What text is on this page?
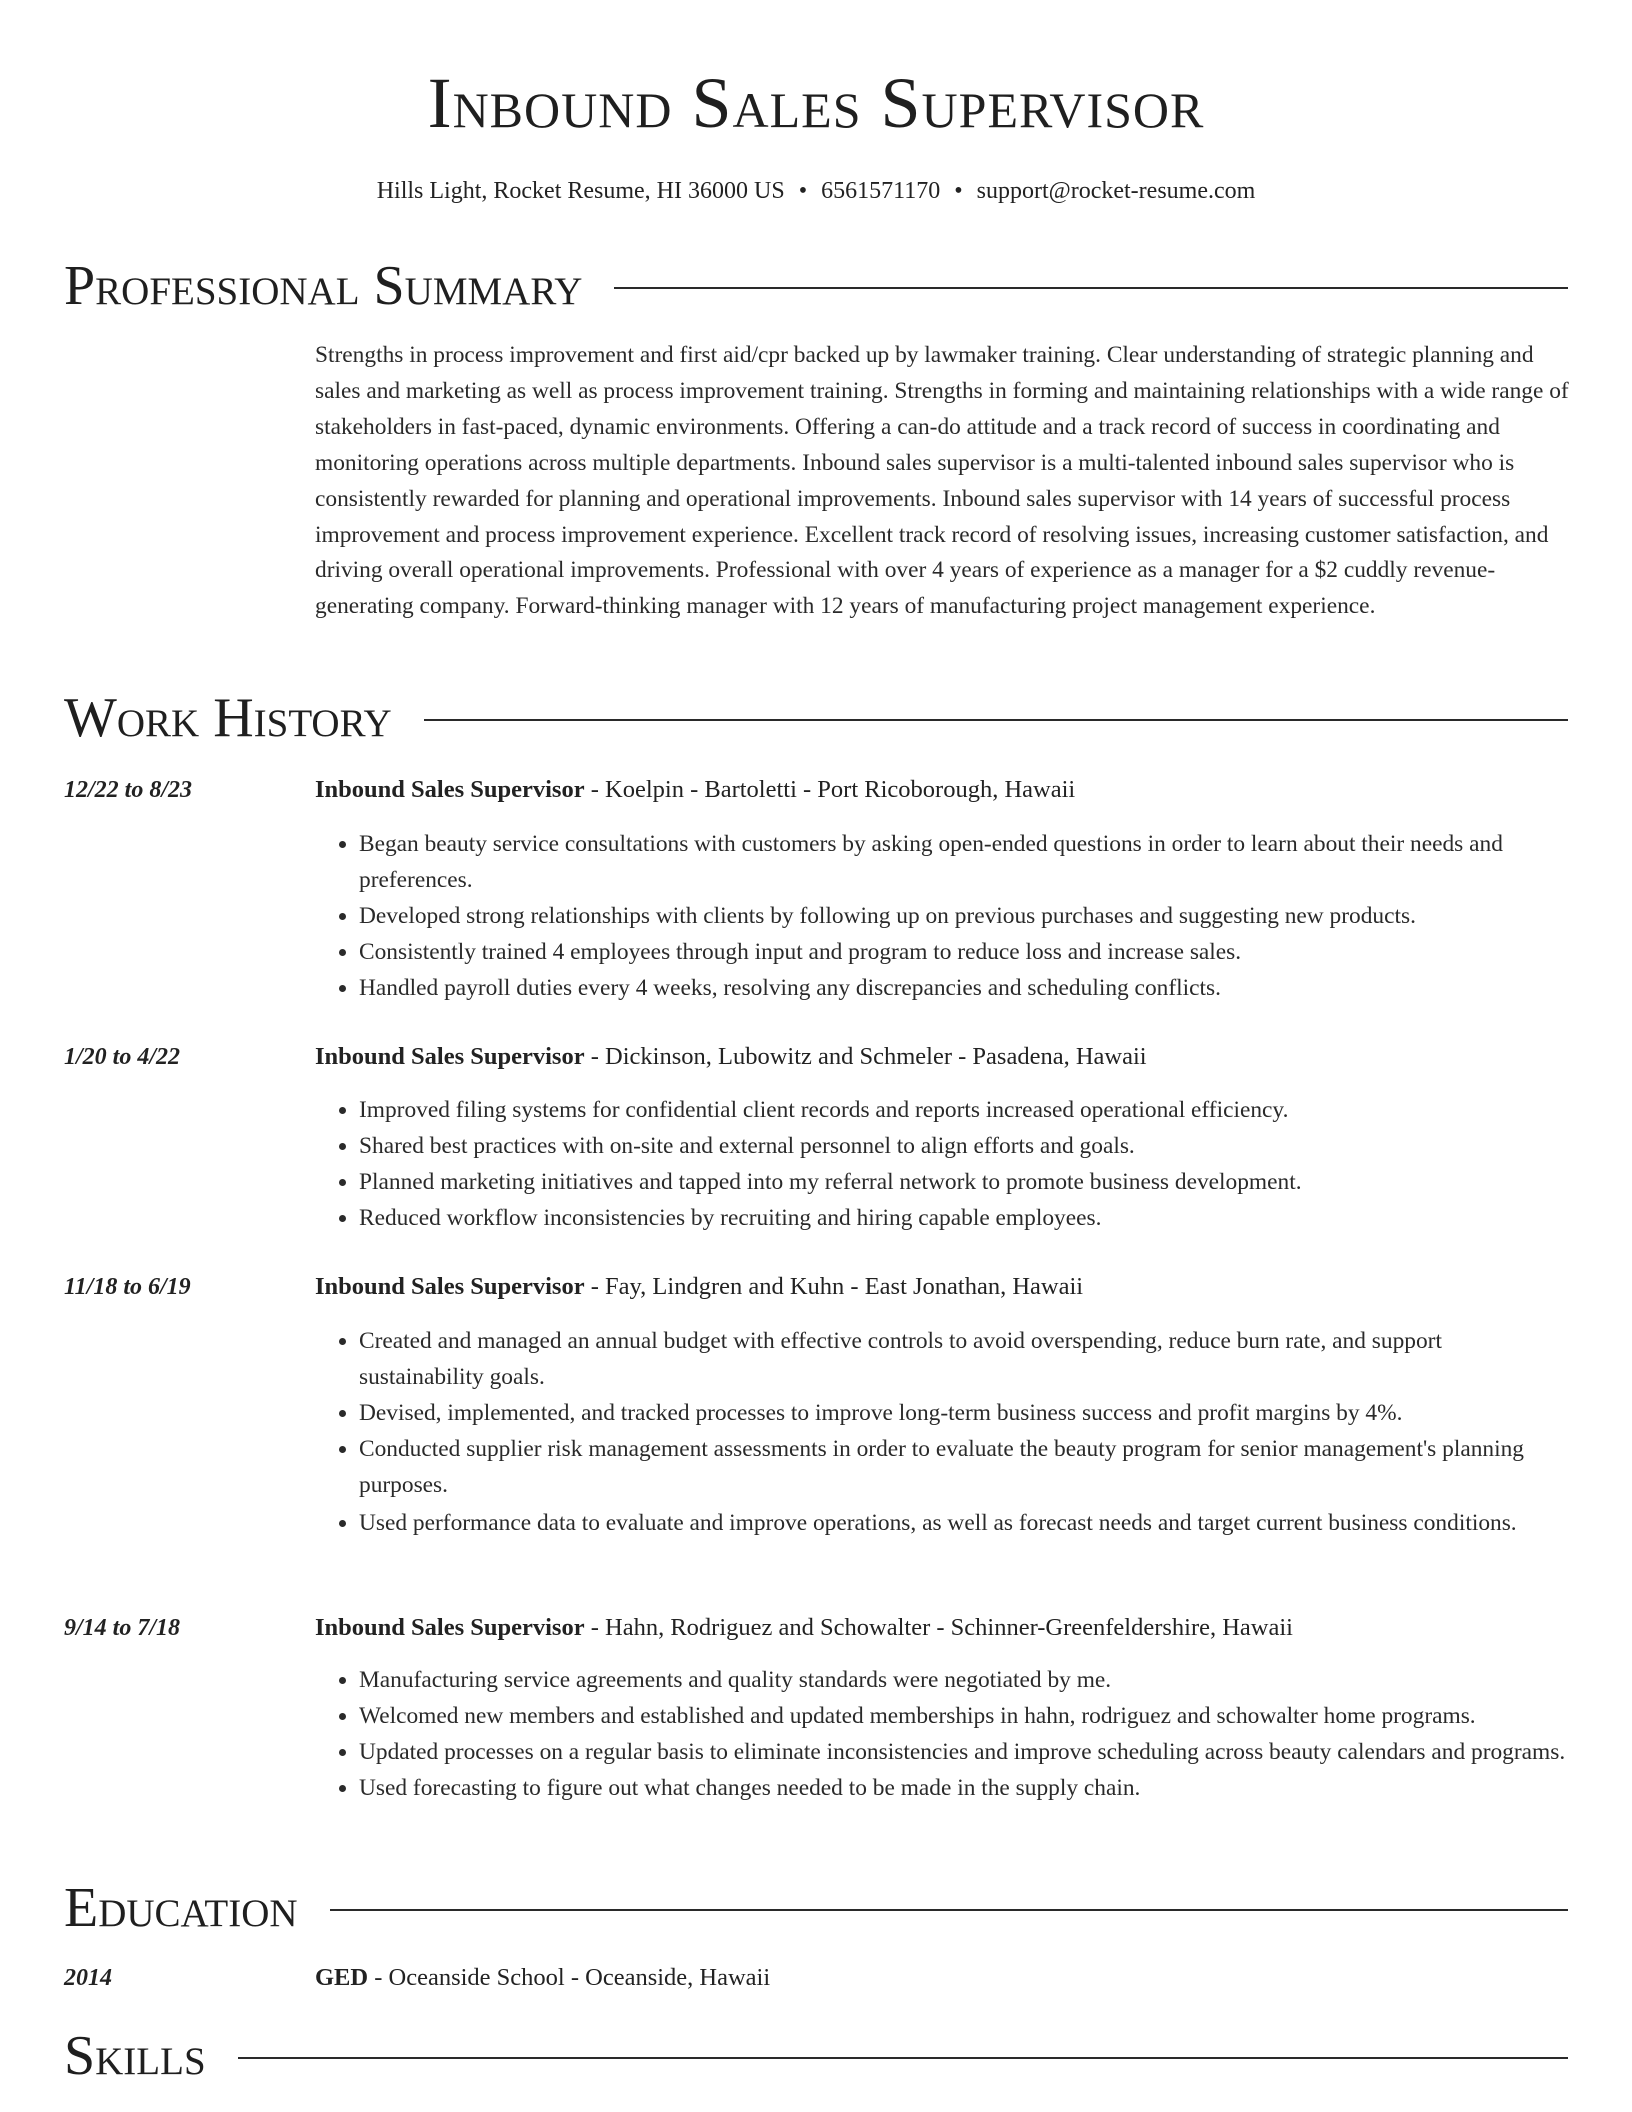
Inbound Sales Supervisor
Hills Light, Rocket Resume, HI 36000 US • 6561571170 • support@rocket-resume.com
Professional Summary
Strengths in process improvement and first aid/cpr backed up by lawmaker training. Clear understanding of strategic planning and sales and marketing as well as process improvement training. Strengths in forming and maintaining relationships with a wide range of stakeholders in fast-paced, dynamic environments. Offering a can-do attitude and a track record of success in coordinating and monitoring operations across multiple departments. Inbound sales supervisor is a multi-talented inbound sales supervisor who is consistently rewarded for planning and operational improvements. Inbound sales supervisor with 14 years of successful process improvement and process improvement experience. Excellent track record of resolving issues, increasing customer satisfaction, and driving overall operational improvements. Professional with over 4 years of experience as a manager for a $2 cuddly revenue-generating company. Forward-thinking manager with 12 years of manufacturing project management experience.
Work History
12/22 to 8/23	Inbound Sales Supervisor - Koelpin - Bartoletti - Port Ricoborough, Hawaii
• Began beauty service consultations with customers by asking open-ended questions in order to learn about their needs and preferences.
• Developed strong relationships with clients by following up on previous purchases and suggesting new products.
• Consistently trained 4 employees through input and program to reduce loss and increase sales.
• Handled payroll duties every 4 weeks, resolving any discrepancies and scheduling conflicts.
1/20 to 4/22	Inbound Sales Supervisor - Dickinson, Lubowitz and Schmeler - Pasadena, Hawaii
• Improved filing systems for confidential client records and reports increased operational efficiency.
• Shared best practices with on-site and external personnel to align efforts and goals.
• Planned marketing initiatives and tapped into my referral network to promote business development.
• Reduced workflow inconsistencies by recruiting and hiring capable employees.
11/18 to 6/19	Inbound Sales Supervisor - Fay, Lindgren and Kuhn - East Jonathan, Hawaii
• Created and managed an annual budget with effective controls to avoid overspending, reduce burn rate, and support sustainability goals.
• Devised, implemented, and tracked processes to improve long-term business success and profit margins by 4%.
• Conducted supplier risk management assessments in order to evaluate the beauty program for senior management's planning purposes.
• Used performance data to evaluate and improve operations, as well as forecast needs and target current business conditions.
9/14 to 7/18	Inbound Sales Supervisor - Hahn, Rodriguez and Schowalter - Schinner-Greenfeldershire, Hawaii
• Manufacturing service agreements and quality standards were negotiated by me.
• Welcomed new members and established and updated memberships in hahn, rodriguez and schowalter home programs.
• Updated processes on a regular basis to eliminate inconsistencies and improve scheduling across beauty calendars and programs.
• Used forecasting to figure out what changes needed to be made in the supply chain.
Education
2014	GED - Oceanside School - Oceanside, Hawaii
Skills
